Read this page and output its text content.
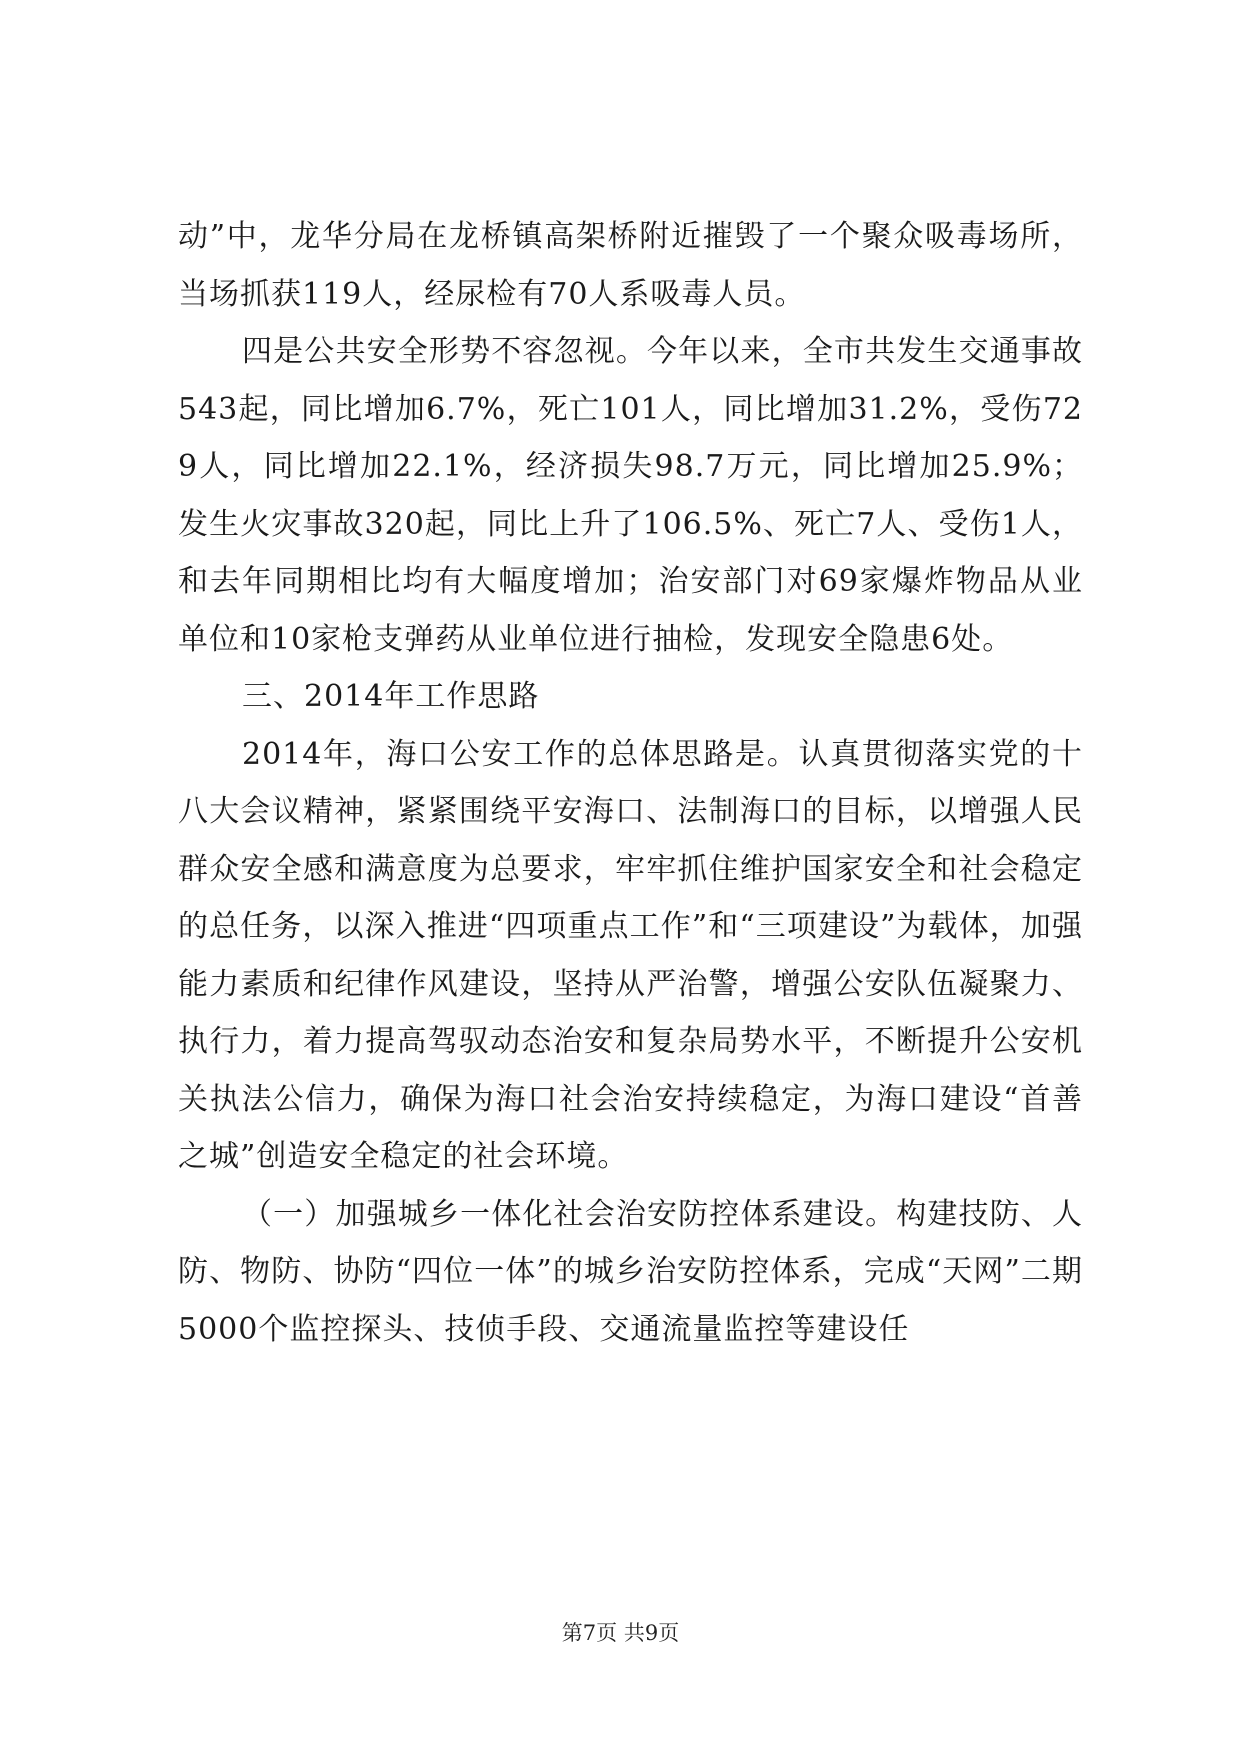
动”中，龙华分局在龙桥镇高架桥附近摧毁了一个聚众吸毒场所，当场抓获119人，经尿检有70人系吸毒人员。

四是公共安全形势不容忽视。今年以来，全市共发生交通事故543起，同比增加6.7%，死亡101人，同比增加31.2%，受伤729人，同比增加22.1%，经济损失98.7万元，同比增加25.9%；发生火灾事故320起，同比上升了106.5%、死亡7人、受伤1人，和去年同期相比均有大幅度增加；治安部门对69家爆炸物品从业单位和10家枪支弹药从业单位进行抽检，发现安全隐患6处。

三、2014年工作思路

2014年，海口公安工作的总体思路是。认真贯彻落实党的十八大会议精神，紧紧围绕平安海口、法制海口的目标，以增强人民群众安全感和满意度为总要求，牢牢抓住维护国家安全和社会稳定的总任务，以深入推进“四项重点工作”和“三项建设”为载体，加强能力素质和纪律作风建设，坚持从严治警，增强公安队伍凝聚力、执行力，着力提高驾驭动态治安和复杂局势水平，不断提升公安机关执法公信力，确保为海口社会治安持续稳定，为海口建设“首善之城”创造安全稳定的社会环境。

（一）加强城乡一体化社会治安防控体系建设。构建技防、人防、物防、协防“四位一体”的城乡治安防控体系，完成“天网”二期5000个监控探头、技侦手段、交通流量监控等建设任

第7页 共9页
